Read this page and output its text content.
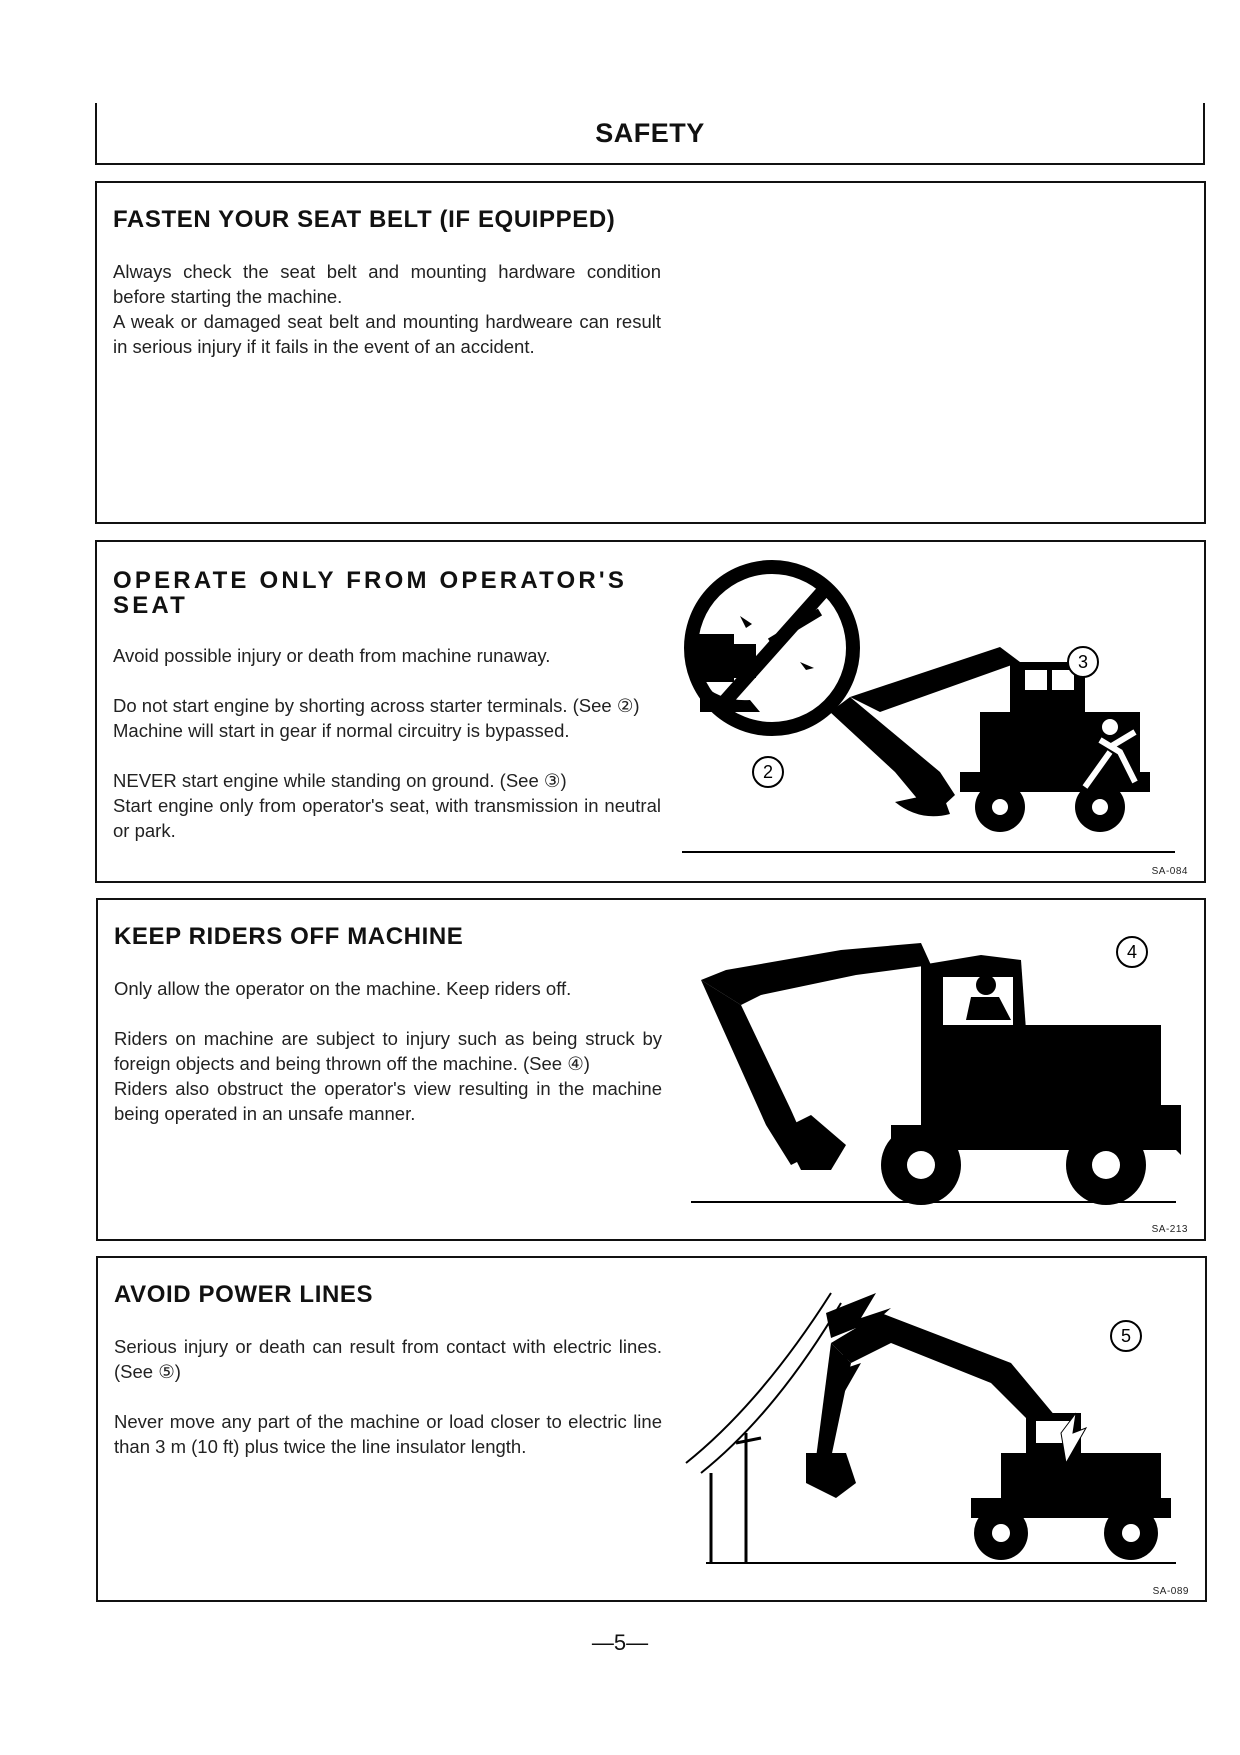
SAFETY
FASTEN YOUR SEAT BELT (IF EQUIPPED)

Always check the seat belt and mounting hardware condition before starting the machine.

A weak or damaged seat belt and mounting hardweare can result in serious injury if it fails in the event of an accident.

OPERATE ONLY FROM OPERATOR'S
SEAT

Avoid possible injury or death from machine runaway.

Do not start engine by shorting across starter terminals. (See ②)

Machine will start in gear if normal circuitry is bypassed.

NEVER start engine while standing on ground. (See ③)

Start engine only from operator's seat, with transmission in neutral or park.

3
2
SA-084
KEEP RIDERS OFF MACHINE

Only allow the operator on the machine. Keep riders off.

Riders on machine are subject to injury such as being struck by foreign objects and being thrown off the machine. (See ④)

Riders also obstruct the operator's view resulting in the machine being operated in an unsafe manner.

4
SA-213
AVOID POWER LINES

Serious injury or death can result from contact with electric lines. (See ⑤)

Never move any part of the machine or load closer to electric line than 3 m (10 ft) plus twice the line insulator length.

5
SA-089
—5—
